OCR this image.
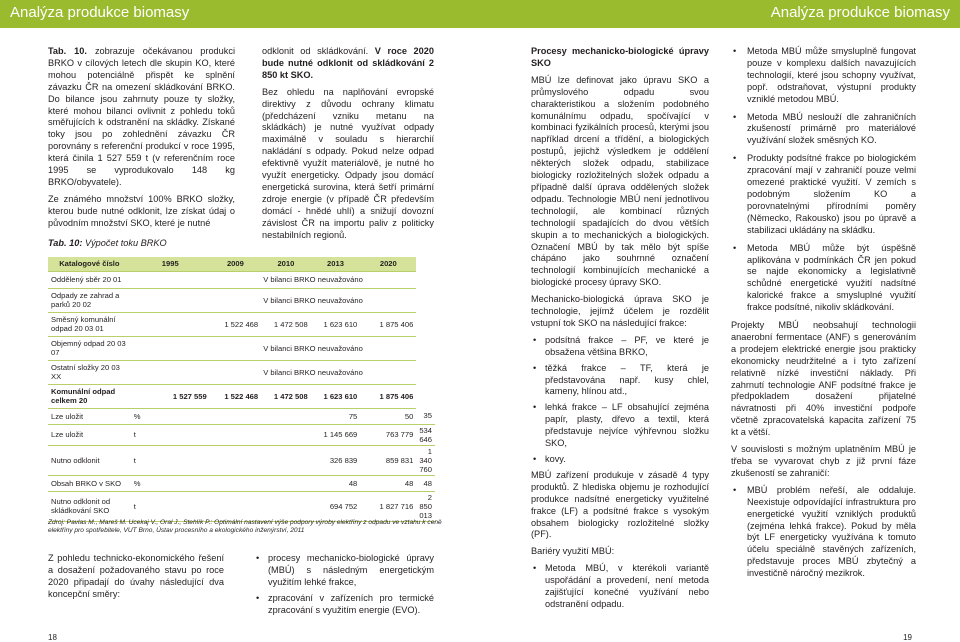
Analýza produkce biomasy	Analýza produkce biomasy

Tab. 10. zobrazuje očekávanou produkci BRKO v cílových letech dle skupin KO, které mohou potenciálně přispět ke splnění závazku ČR na omezení skládkování BRKO. Do bilance jsou zahrnuty pouze ty složky, které mohou bilanci ovlivnit z pohledu toků směřujících k odstranění na skládky. Získané toky jsou po zohlednění závazku ČR porovnány s referenční produkcí v roce 1995, která činila 1 527 559 t (v referenčním roce 1995 se vyprodukovalo 148 kg BRKO/obyvatele).

Ze známého množství 100% BRKO složky, kterou bude nutné odklonit, lze získat údaj o původním množství SKO, které je nutné

Tab. 10: Výpočet toku BRKO
Katalogové číslo	1995	2009	2010	2013	2020	
Oddělený sběr 20 01		V bilanci BRKO neuvažováno				
Odpady ze zahrad a parků 20 02		V bilanci BRKO neuvažováno				
Směsný komunální odpad 20 03 01		1 522 468	1 472 508	1 623 610	1 875 406	
Objemný odpad 20 03 07		V bilanci BRKO neuvažováno				
Ostatní složky 20 03 XX		V bilanci BRKO neuvažováno				
Komunální odpad celkem 20	1 527 559	1 522 468	1 472 508	1 623 610	1 875 406	
Lze uložit	%			75	50	35
Lze uložit	t			1 145 669	763 779	534 646
Nutno odklonit	t			326 839	859 831	1 340 760
Obsah BRKO v SKO	%			48	48	48
Nutno odklonit od skládkování SKO	t			694 752	1 827 716	2 850 013
Zdroj: Pavlas M., Mareš M. Ucekaj V., Oral J., Stehlík P.: Optimální nastavení výše podpory výroby elektřiny z odpadu ve vztahu k ceně elektřiny pro spotřebitele, VUT Brno, Ústav procesního a ekologického inženýrství, 2011

Z pohledu technicko-ekonomického řešení a dosažení požadovaného stavu po roce 2020 připadají do úvahy následující dva koncepční směry:

odklonit od skládkování. V roce 2020 bude nutné odklonit od skládkování 2 850 kt SKO.

Bez ohledu na naplňování evropské direktivy z důvodu ochrany klimatu (předcházení vzniku metanu na skládkách) je nutné využívat odpady maximálně v souladu s hierarchií nakládání s odpady. Pokud nelze odpad efektivně využít materiálově, je nutné ho využít energeticky. Odpady jsou domácí energetická surovina, která šetří primární zdroje energie (v případě ČR především domácí - hnědé uhlí) a snižují dovozní závislost ČR na importu paliv z politicky nestabilních regionů.

• procesy mechanicko-biologické úpravy (MBÚ) s následným energetickým využitím lehké frakce,
• zpracování v zařízeních pro termické zpracování s využitím energie (EVO).

Procesy mechanicko-biologické úpravy SKO

MBÚ lze definovat jako úpravu SKO a průmyslového odpadu svou charakteristikou a složením podobného komunálnímu odpadu, spočívající v kombinaci fyzikálních procesů, kterými jsou například drcení a třídění, a biologických postupů, jejichž výsledkem je oddělení některých složek odpadu, stabilizace biologicky rozložitelných složek odpadu a případně další úprava oddělených složek odpadu. Technologie MBÚ není jednotlivou technologií, ale kombinací různých technologií spadajících do dvou větších skupin a to mechanických a biologických. Označení MBÚ by tak mělo být spíše chápáno jako souhrnné označení technologií kombinujících mechanické a biologické procesy úpravy SKO.

Mechanicko-biologická úprava SKO je technologie, jejímž účelem je rozdělit vstupní tok SKO na následující frakce:

• podsítná frakce – PF, ve které je obsažena většina BRKO,
• těžká frakce – TF, která je představována např. kusy chlel, kameny, hlínou atd.,
• lehká frakce – LF obsahující zejména papír, plasty, dřevo a textil, která představuje nejvíce výhřevnou složku SKO,
• kovy.

MBÚ zařízení produkuje v zásadě 4 typy produktů. Z hlediska objemu je rozhodující produkce nadsítné energeticky využitelné frakce (LF) a podsítné frakce s vysokým obsahem biologicky rozložitelné složky (PF).

Bariéry využití MBÚ:

• Metoda MBÚ, v kterékoli variantě uspořádání a provedení, není metoda zajišťující konečné využívání nebo odstranění odpadu.
• Metoda MBÚ může smysluplně fungovat pouze v komplexu dalších navazujících technologií, které jsou schopny využívat, popř. odstraňovat, výstupní produkty vzniklé metodou MBÚ.
• Metoda MBÚ neslouží dle zahraničních zkušeností primárně pro materiálové využívání složek směsných KO.
• Produkty podsítné frakce po biologickém zpracování mají v zahraničí pouze velmi omezené praktické využití. V zemích s podobným složením KO a porovnatelnými přírodními poměry (Německo, Rakousko) jsou po úpravě a stabilizaci ukládány na skládku.
• Metoda MBÚ může být úspěšně aplikována v podmínkách ČR jen pokud se najde ekonomicky a legislativně schůdné energetické využití nadsítné kalorické frakce a smysluplné využití frakce podsítné, nikoliv skládkování.

Projekty MBÚ neobsahují technologii anaerobní fermentace (ANF) s generováním a prodejem elektrické energie jsou prakticky ekonomicky neudržitelné a i tyto zařízení relativně nízké investiční náklady. Při zahrnutí technologie ANF podsítné frakce je předpokladem dosažení přijatelné návratnosti při 40% investiční podpoře včetně zpracovatelská kapacita zařízení 75 kt a větší.

V souvislosti s možným uplatněním MBÚ je třeba se vyvarovat chyb z již první fáze zkušeností se zahraničí:

• MBÚ problém neřeší, ale oddaluje. Neexistuje odpovídající infrastruktura pro energetické využití vzniklých produktů (zejména lehká frakce). Pokud by měla být LF energeticky využívána k tomuto účelu speciálně stavěných zařízeních, představuje proces MBÚ zbytečný a investičně náročný mezikrok.
18	19
